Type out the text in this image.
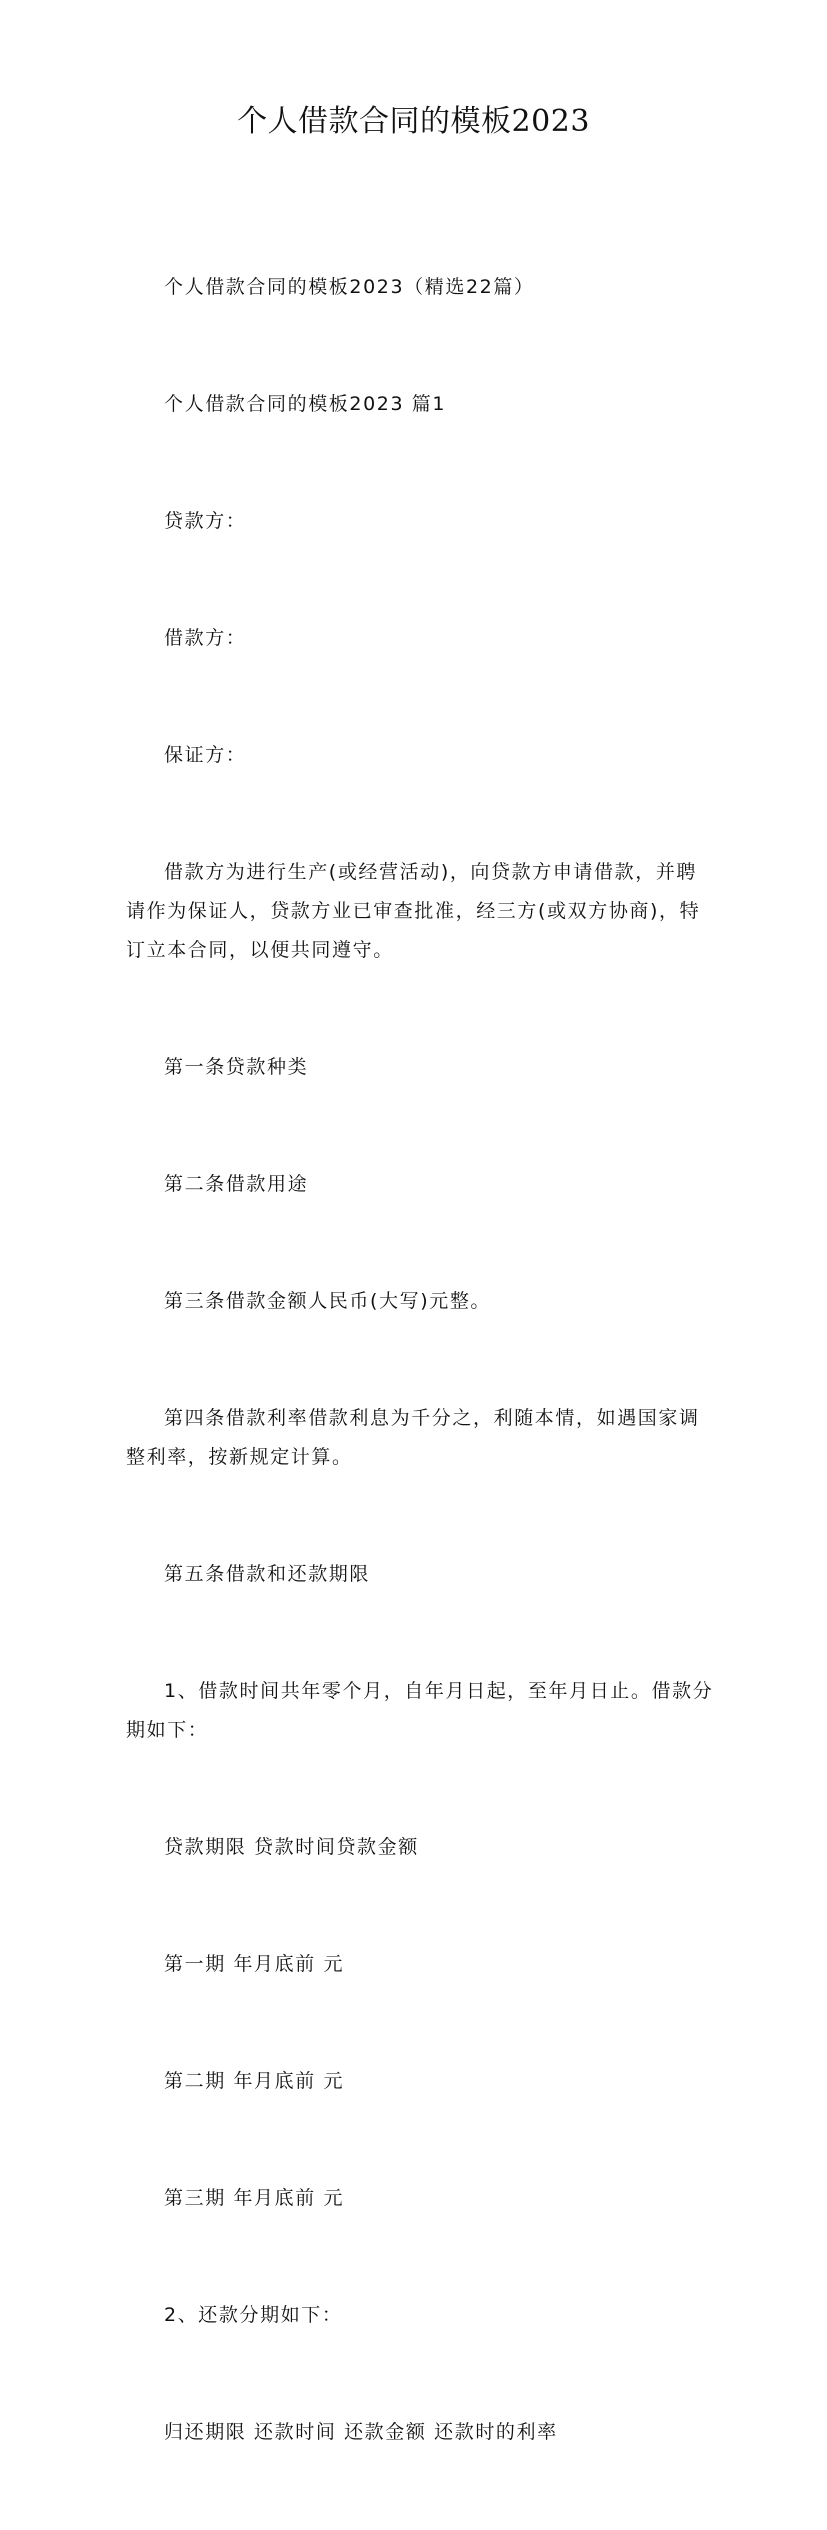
个人借款合同的模板2023

个人借款合同的模板2023（精选22篇）

个人借款合同的模板2023 篇1

贷款方：

借款方：

保证方：

借款方为进行生产(或经营活动)，向贷款方申请借款，并聘请作为保证人，贷款方业已审查批准，经三方(或双方协商)，特订立本合同，以便共同遵守。

第一条贷款种类

第二条借款用途

第三条借款金额人民币(大写)元整。

第四条借款利率借款利息为千分之，利随本情，如遇国家调整利率，按新规定计算。

第五条借款和还款期限

1、借款时间共年零个月，自年月日起，至年月日止。借款分期如下：

贷款期限 贷款时间贷款金额

第一期 年月底前 元

第二期 年月底前 元

第三期 年月底前 元

2、还款分期如下：

归还期限 还款时间 还款金额 还款时的利率
